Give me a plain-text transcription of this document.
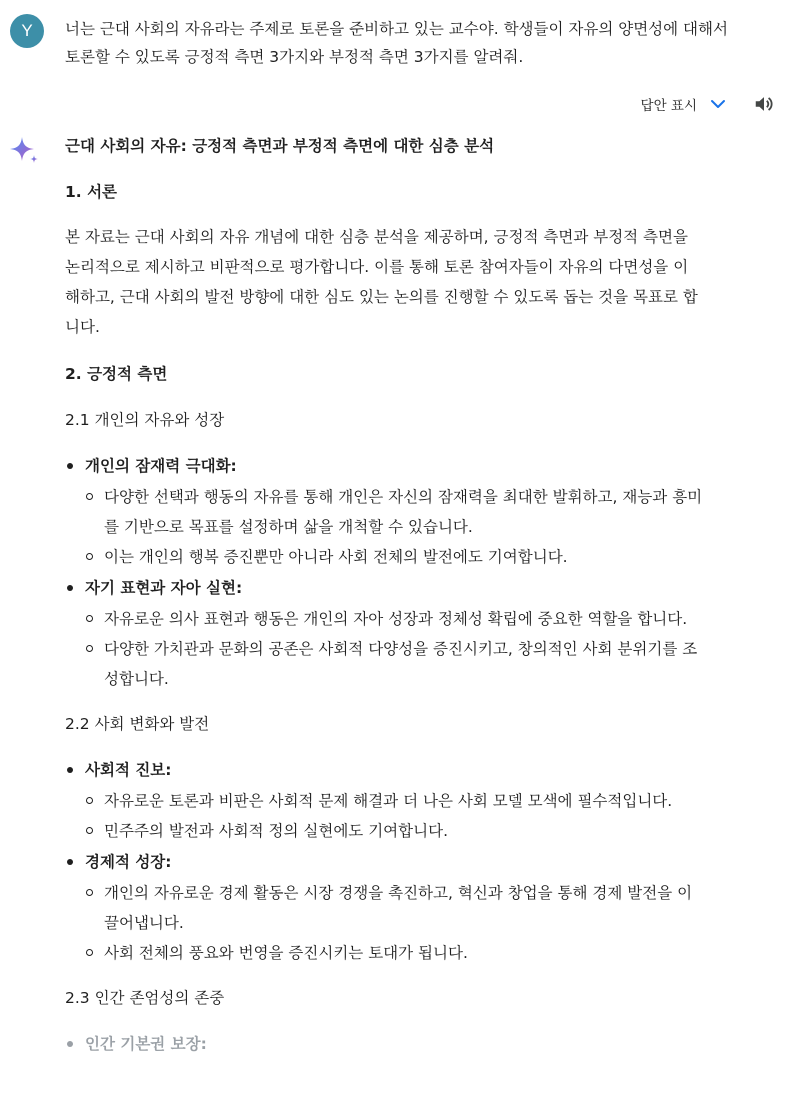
Y	너는 근대 사회의 자유라는 주제로 토론을 준비하고 있는 교수야. 학생들이 자유의 양면성에 대해서 토론할 수 있도록 긍정적 측면 3가지와 부정적 측면 3가지를 알려줘.
답안 표시

근대 사회의 자유: 긍정적 측면과 부정적 측면에 대한 심층 분석

1. 서론

본 자료는 근대 사회의 자유 개념에 대한 심층 분석을 제공하며, 긍정적 측면과 부정적 측면을

논리적으로 제시하고 비판적으로 평가합니다. 이를 통해 토론 참여자들이 자유의 다면성을 이

해하고, 근대 사회의 발전 방향에 대한 심도 있는 논의를 진행할 수 있도록 돕는 것을 목표로 합

니다.

2. 긍정적 측면

2.1 개인의 자유와 성장

개인의 잠재력 극대화:
다양한 선택과 행동의 자유를 통해 개인은 자신의 잠재력을 최대한 발휘하고, 재능과 흥미
를 기반으로 목표를 설정하며 삶을 개척할 수 있습니다.
이는 개인의 행복 증진뿐만 아니라 사회 전체의 발전에도 기여합니다.
자기 표현과 자아 실현:
자유로운 의사 표현과 행동은 개인의 자아 성장과 정체성 확립에 중요한 역할을 합니다.
다양한 가치관과 문화의 공존은 사회적 다양성을 증진시키고, 창의적인 사회 분위기를 조
성합니다.

2.2 사회 변화와 발전

사회적 진보:
자유로운 토론과 비판은 사회적 문제 해결과 더 나은 사회 모델 모색에 필수적입니다.
민주주의 발전과 사회적 정의 실현에도 기여합니다.
경제적 성장:
개인의 자유로운 경제 활동은 시장 경쟁을 촉진하고, 혁신과 창업을 통해 경제 발전을 이
끌어냅니다.
사회 전체의 풍요와 번영을 증진시키는 토대가 됩니다.

2.3 인간 존엄성의 존중

인간 기본권 보장:
